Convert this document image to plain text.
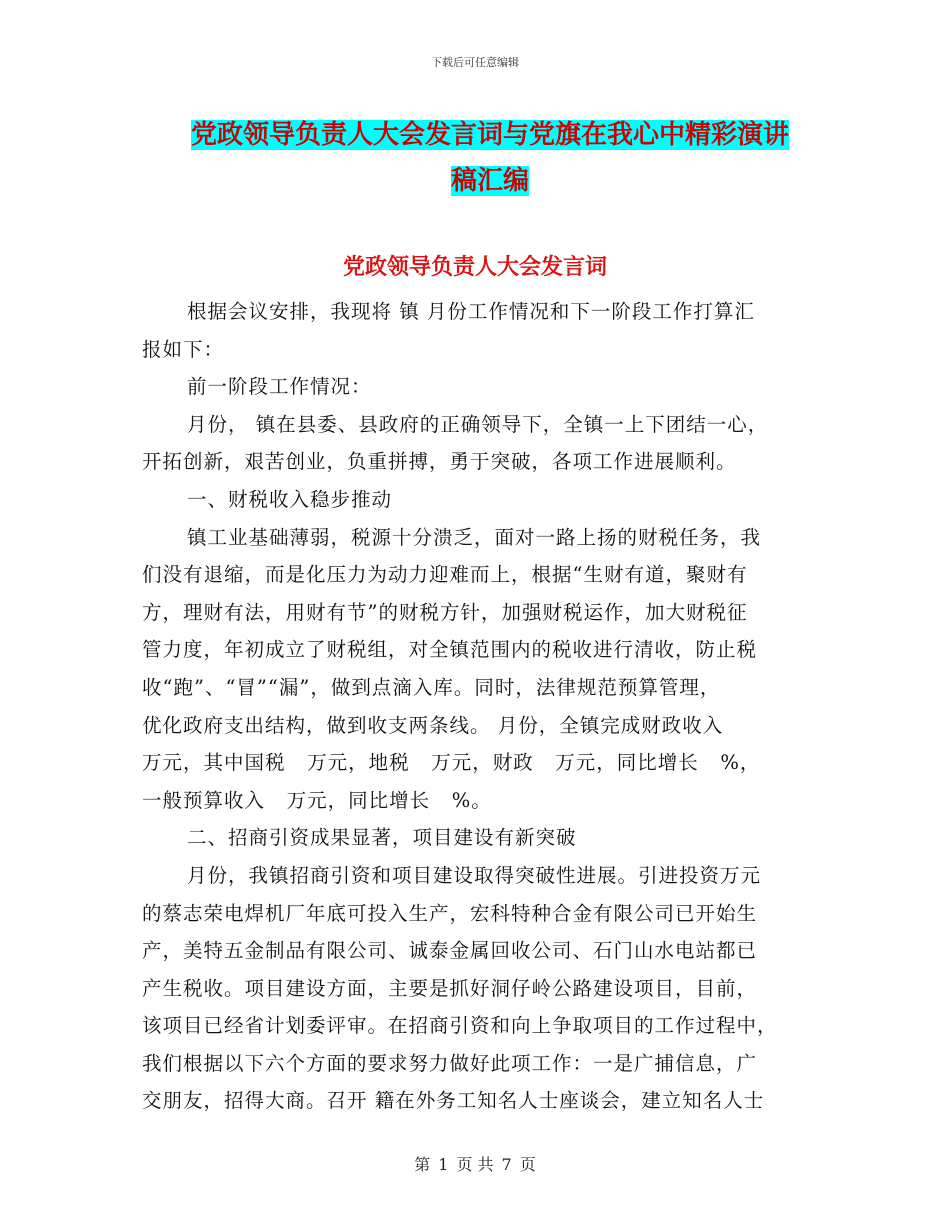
下载后可任意编辑
党政领导负责人大会发言词与党旗在我心中精彩演讲
稿汇编
党政领导负责人大会发言词
根据会议安排，我现将 镇 月份工作情况和下一阶段工作打算汇
报如下：
前一阶段工作情况：
月份， 镇在县委、县政府的正确领导下，全镇一上下团结一心，
开拓创新，艰苦创业，负重拼搏，勇于突破，各项工作进展顺利。
一、财税收入稳步推动
镇工业基础薄弱，税源十分溃乏，面对一路上扬的财税任务，我
们没有退缩，而是化压力为动力迎难而上，根据“生财有道，聚财有
方，理财有法，用财有节”的财税方针，加强财税运作，加大财税征
管力度，年初成立了财税组，对全镇范围内的税收进行清收，防止税
收“跑”、“冒”“漏”，做到点滴入库。同时，法律规范预算管理，
优化政府支出结构，做到收支两条线。 月份，全镇完成财政收入
万元，其中国税   万元，地税   万元，财政   万元，同比增长   %，
一般预算收入   万元，同比增长   %。
二、招商引资成果显著，项目建设有新突破
月份，我镇招商引资和项目建设取得突破性进展。引进投资万元
的蔡志荣电焊机厂年底可投入生产，宏科特种合金有限公司已开始生
产，美特五金制品有限公司、诚泰金属回收公司、石门山水电站都已
产生税收。项目建设方面，主要是抓好洞仔岭公路建设项目，目前，
该项目已经省计划委评审。在招商引资和向上争取项目的工作过程中，
我们根据以下六个方面的要求努力做好此项工作：一是广捕信息，广
交朋友，招得大商。召开 籍在外务工知名人士座谈会，建立知名人士
第 1 页 共 7 页
